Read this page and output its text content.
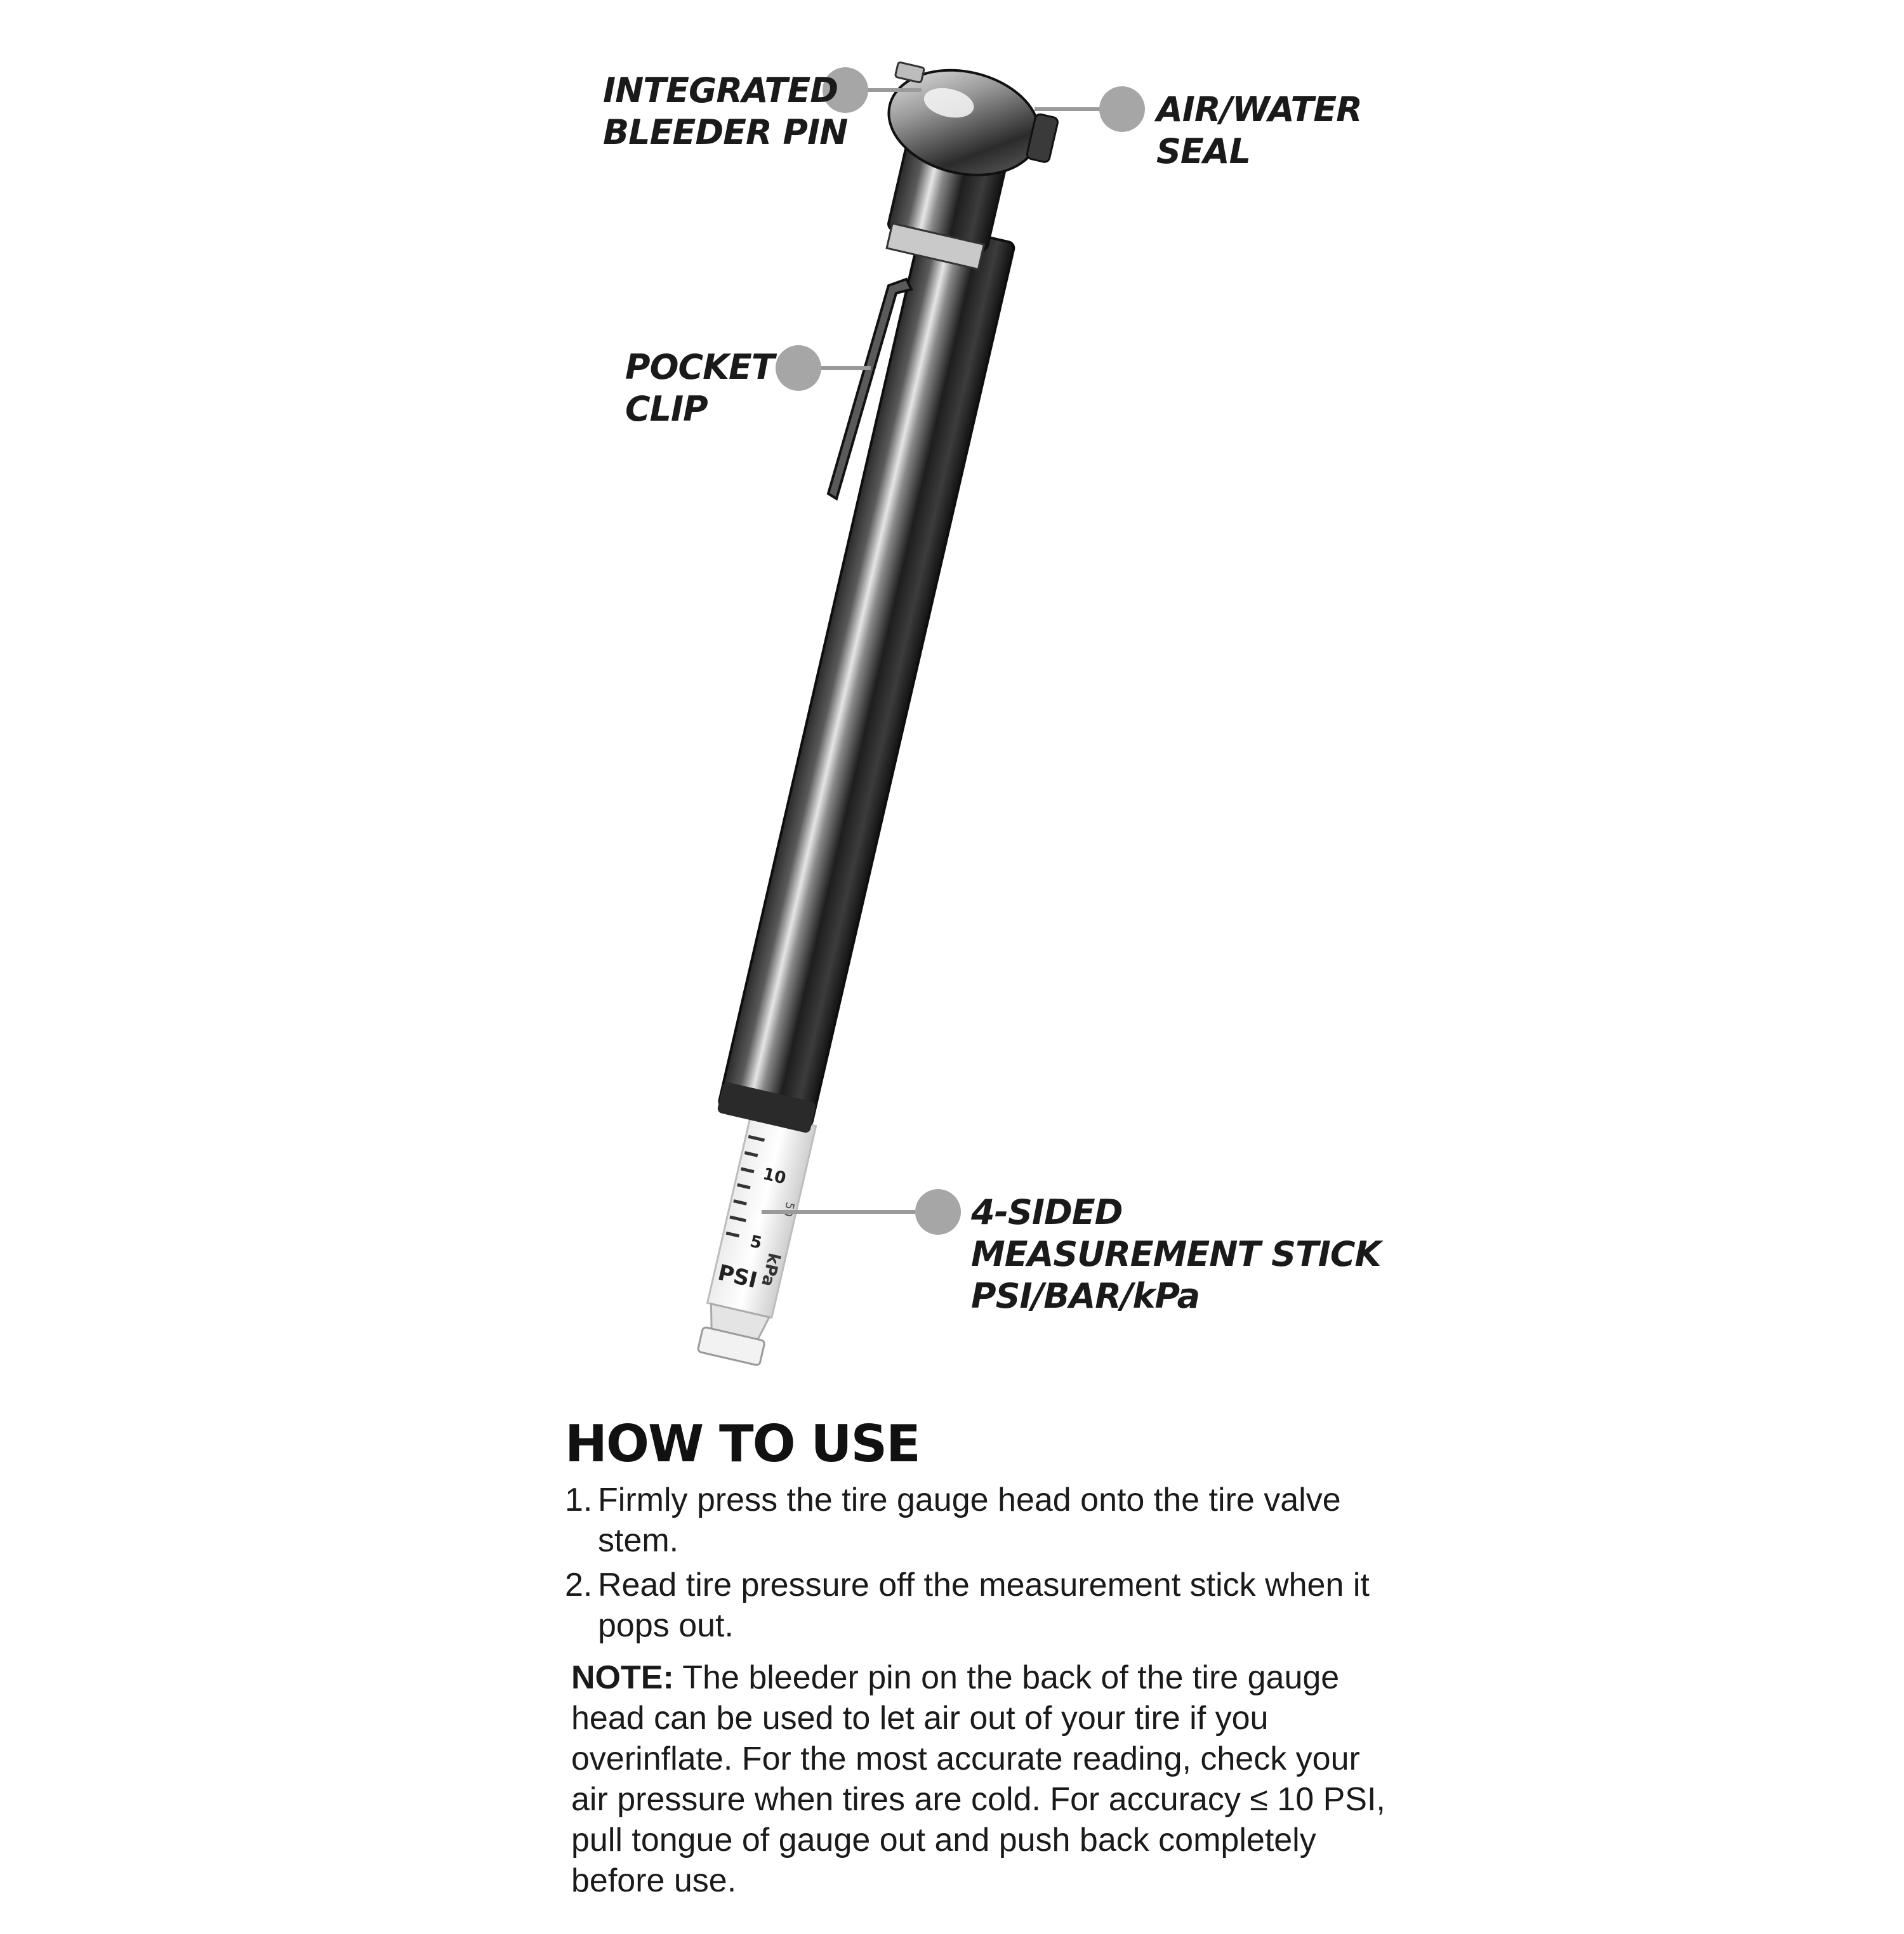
10
5
PSI
kPa
50
INTEGRATED
BLEEDER PIN
AIR/WATER
SEAL
POCKET
CLIP
4-SIDED
MEASUREMENT STICK
PSI/BAR/kPa
HOW TO USE
1. Firmly press the tire gauge head onto the tire valve stem.
2. Read tire pressure off the measurement stick when it pops out.

NOTE: The bleeder pin on the back of the tire gauge head can be used to let air out of your tire if you overinflate. For the most accurate reading, check your air pressure when tires are cold. For accuracy ≤ 10 PSI, pull tongue of gauge out and push back completely before use.
